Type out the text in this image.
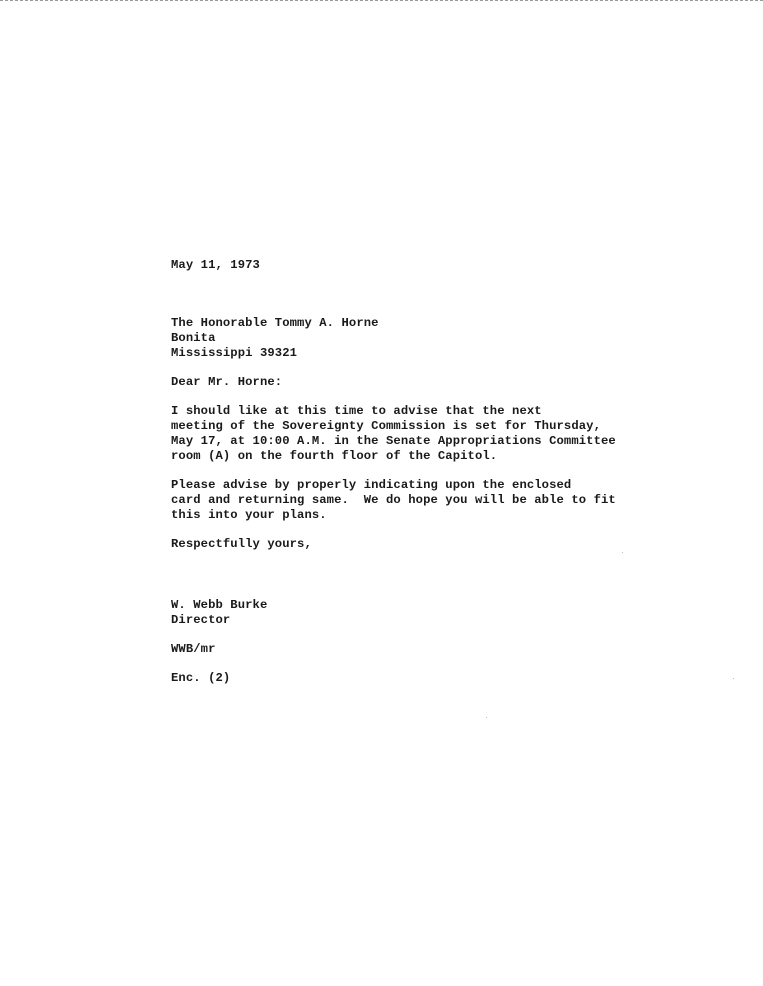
May 11, 1973
The Honorable Tommy A. Horne
Bonita
Mississippi 39321
Dear Mr. Horne:
I should like at this time to advise that the next
meeting of the Sovereignty Commission is set for Thursday,
May 17, at 10:00 A.M. in the Senate Appropriations Committee
room (A) on the fourth floor of the Capitol.
Please advise by properly indicating upon the enclosed
card and returning same.  We do hope you will be able to fit
this into your plans.
Respectfully yours,
W. Webb Burke
Director
WWB/mr
Enc. (2)
